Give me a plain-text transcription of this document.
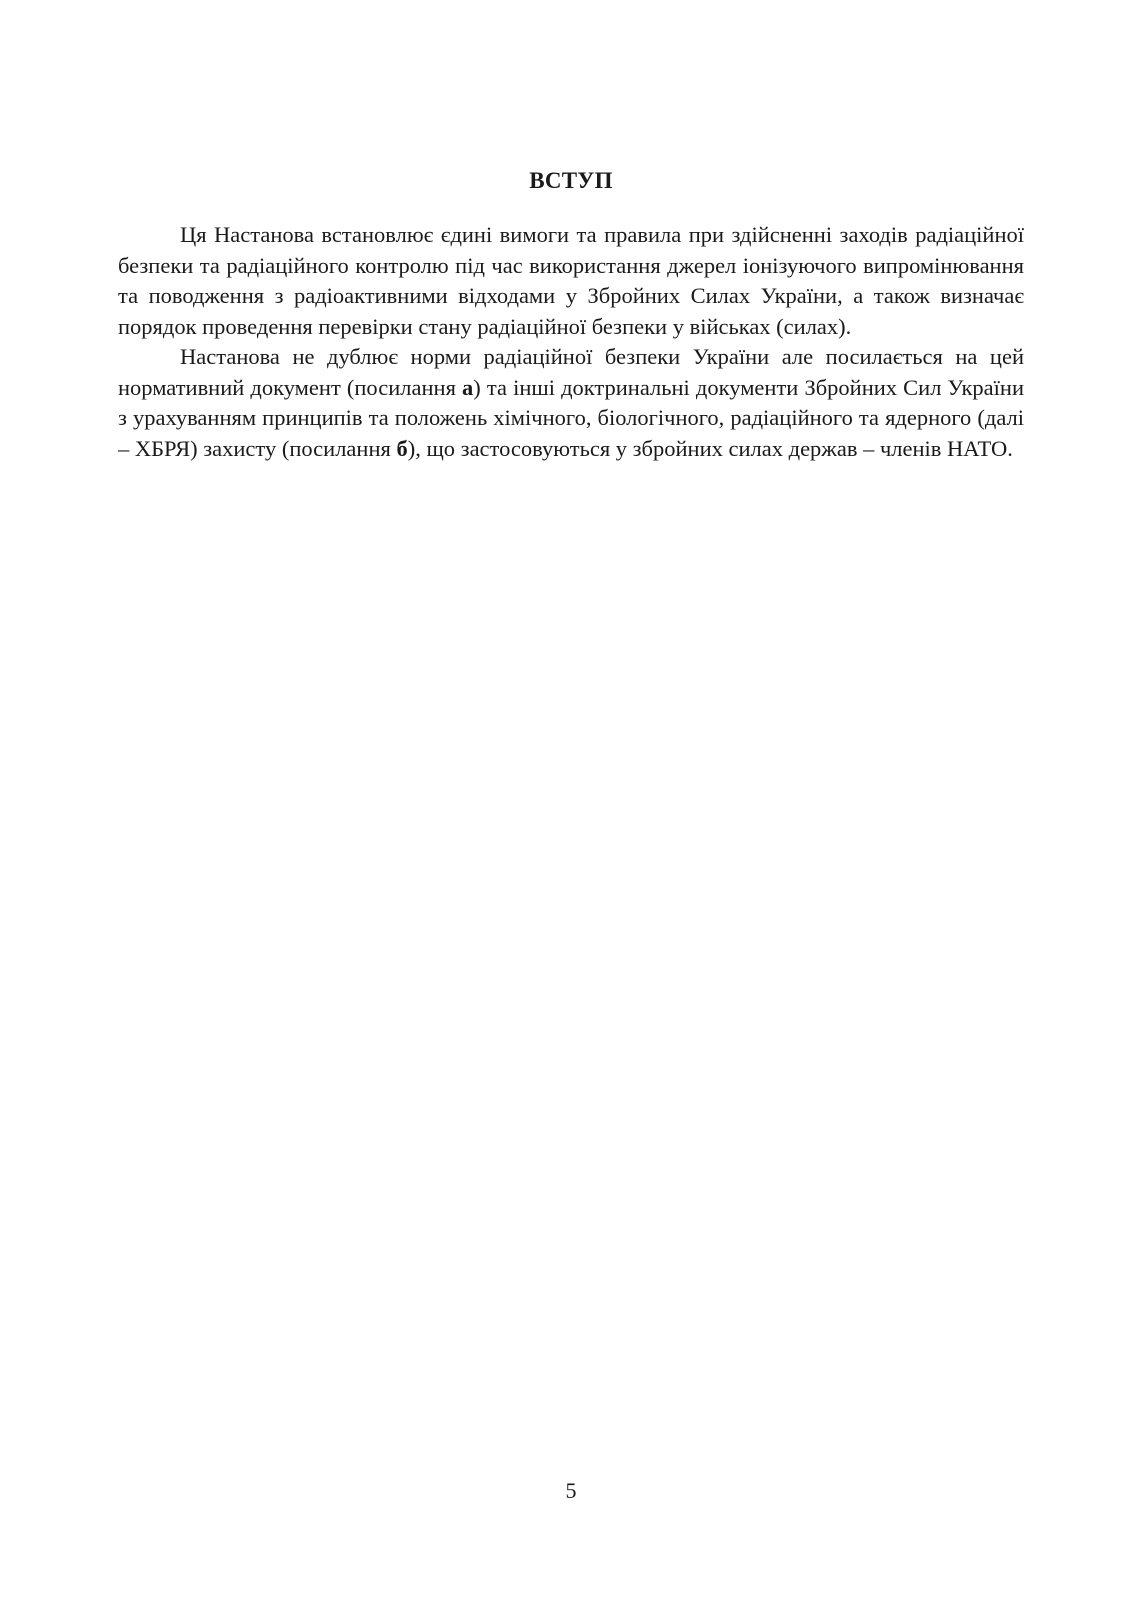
ВСТУП

Ця Настанова встановлює єдині вимоги та правила при здійсненні заходів радіаційної безпеки та радіаційного контролю під час використання джерел іонізуючого випромінювання та поводження з радіоактивними відходами у Збройних Силах України, а також визначає порядок проведення перевірки стану радіаційної безпеки у військах (силах).

Настанова не дублює норми радіаційної безпеки України але посилається на цей нормативний документ (посилання а) та інші доктринальні документи Збройних Сил України з урахуванням принципів та положень хімічного, біологічного, радіаційного та ядерного (далі – ХБРЯ) захисту (посилання б), що застосовуються у збройних силах держав – членів НАТО.

5
